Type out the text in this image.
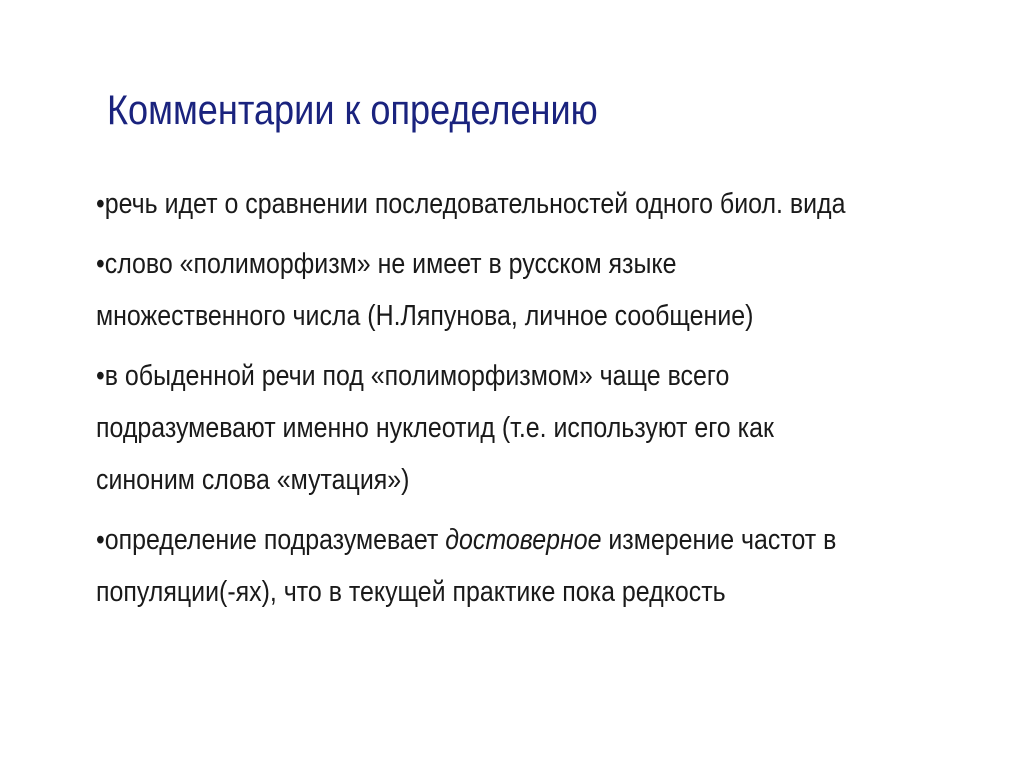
Комментарии к определению
•речь идет о сравнении последовательностей одного биол. вида
•слово «полиморфизм» не имеет в русском языке
множественного числа (Н.Ляпунова, личное сообщение)
•в обыденной речи под «полиморфизмом» чаще всего
подразумевают именно нуклеотид (т.е. используют его как
синоним слова «мутация»)
•определение подразумевает достоверное измерение частот в
популяции(-ях), что в текущей практике пока редкость
